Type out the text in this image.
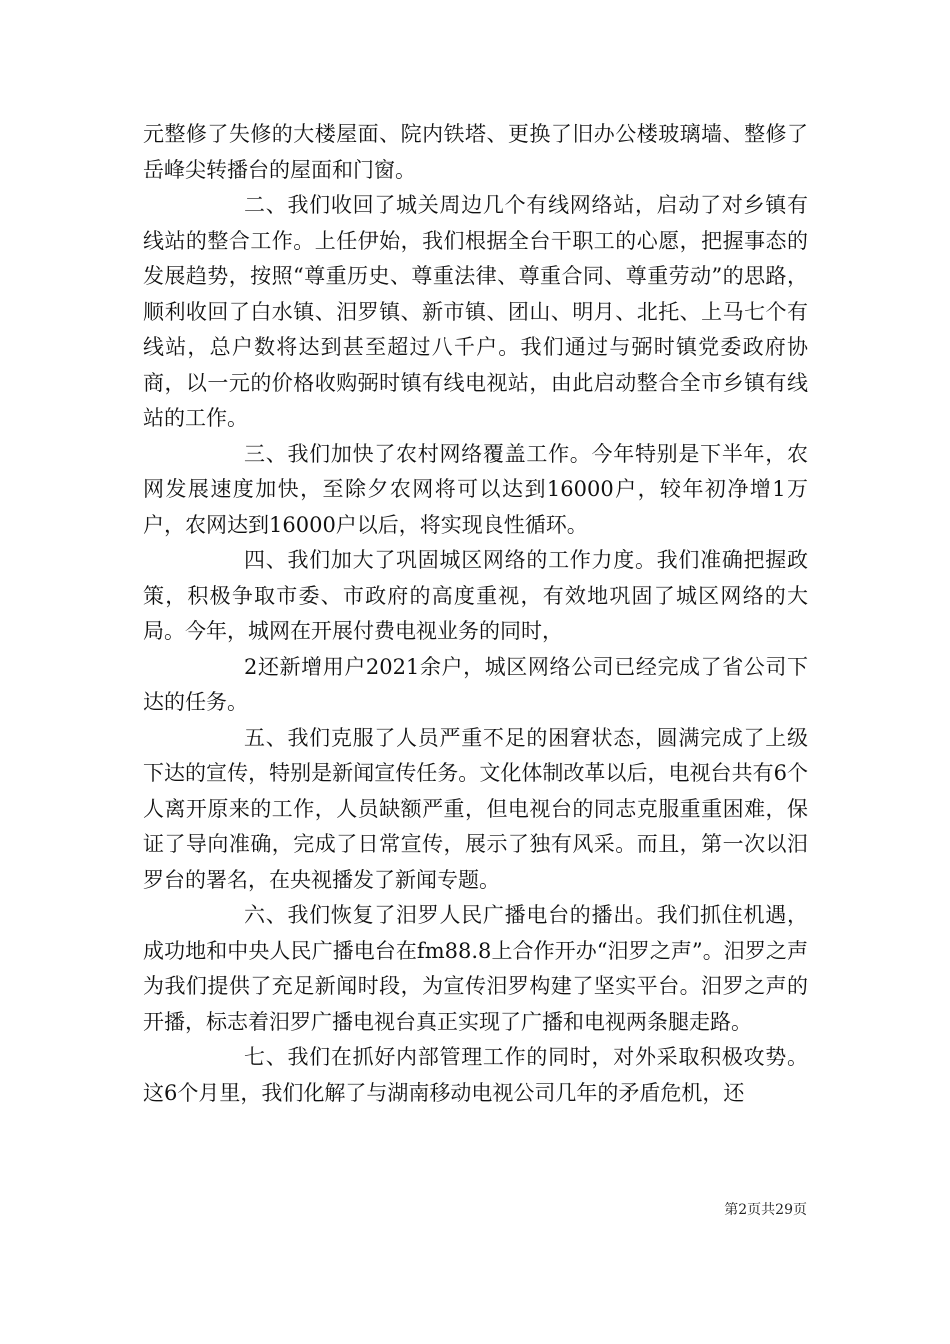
元整修了失修的大楼屋面、院内铁塔、更换了旧办公楼玻璃墙、整修了岳峰尖转播台的屋面和门窗。

二、我们收回了城关周边几个有线网络站，启动了对乡镇有线站的整合工作。上任伊始，我们根据全台干职工的心愿，把握事态的发展趋势，按照“尊重历史、尊重法律、尊重合同、尊重劳动”的思路，顺利收回了白水镇、汨罗镇、新市镇、团山、明月、北托、上马七个有线站，总户数将达到甚至超过八千户。我们通过与弼时镇党委政府协商，以一元的价格收购弼时镇有线电视站，由此启动整合全市乡镇有线站的工作。

三、我们加快了农村网络覆盖工作。今年特别是下半年，农网发展速度加快，至除夕农网将可以达到16000户，较年初净增1万户，农网达到16000户以后，将实现良性循环。

四、我们加大了巩固城区网络的工作力度。我们准确把握政策，积极争取市委、市政府的高度重视，有效地巩固了城区网络的大局。今年，城网在开展付费电视业务的同时，

2还新增用户2021余户，城区网络公司已经完成了省公司下达的任务。

五、我们克服了人员严重不足的困窘状态，圆满完成了上级下达的宣传，特别是新闻宣传任务。文化体制改革以后，电视台共有6个人离开原来的工作，人员缺额严重，但电视台的同志克服重重困难，保证了导向准确，完成了日常宣传，展示了独有风采。而且，第一次以汨罗台的署名，在央视播发了新闻专题。

六、我们恢复了汨罗人民广播电台的播出。我们抓住机遇，成功地和中央人民广播电台在fm88.8上合作开办“汨罗之声”。汨罗之声为我们提供了充足新闻时段，为宣传汨罗构建了坚实平台。汨罗之声的开播，标志着汨罗广播电视台真正实现了广播和电视两条腿走路。

七、我们在抓好内部管理工作的同时，对外采取积极攻势。这6个月里，我们化解了与湖南移动电视公司几年的矛盾危机，还

第2页共29页
